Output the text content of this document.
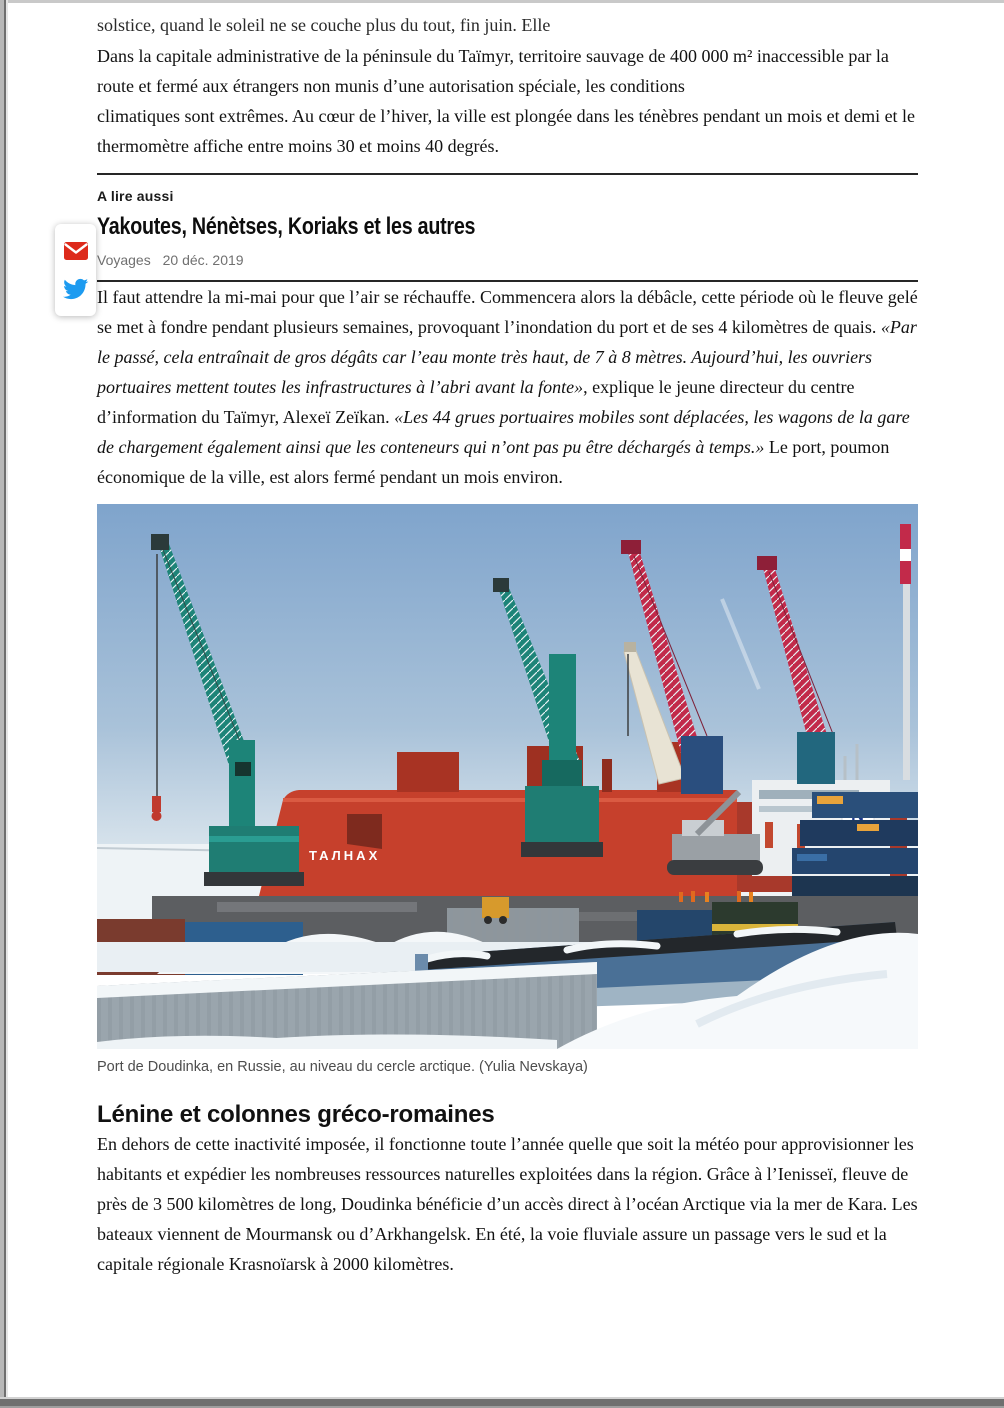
solstice, quand le soleil ne se couche plus du tout, fin juin. Elle

Dans la capitale administrative de la péninsule du Taïmyr, territoire sauvage de 400 000 m² inaccessible par la route et fermé aux étrangers non munis d’une autorisation spéciale, les conditions

climatiques sont extrêmes. Au cœur de l’hiver, la ville est plongée dans les ténèbres pendant un mois et demi et le thermomètre affiche entre moins 30 et moins 40 degrés.

A lire aussi
Yakoutes, Nénètses, Koriaks et les autres
Voyages 20 déc. 2019

Il faut attendre la mi-mai pour que l’air se réchauffe. Commencera alors la débâcle, cette période où le fleuve gelé se met à fondre pendant plusieurs semaines, provoquant l’inondation du port et de ses 4 kilomètres de quais. «Par le passé, cela entraînait de gros dégâts car l’eau monte très haut, de 7 à 8 mètres. Aujourd’hui, les ouvriers portuaires mettent toutes les infrastructures à l’abri avant la fonte», explique le jeune directeur du centre d’information du Taïmyr, Alexeï Zeïkan. «Les 44 grues portuaires mobiles sont déplacées, les wagons de la gare de chargement également ainsi que les conteneurs qui n’ont pas pu être déchargés à temps.» Le port, poumon économique de la ville, est alors fermé pendant un mois environ.

ТАЛНАХ
Port de Doudinka, en Russie, au niveau du cercle arctique. (Yulia Nevskaya)
Lénine et colonnes gréco-romaines

En dehors de cette inactivité imposée, il fonctionne toute l’année quelle que soit la météo pour approvisionner les habitants et expédier les nombreuses ressources naturelles exploitées dans la région. Grâce à l’Ienisseï, fleuve de près de 3 500 kilomètres de long, Doudinka bénéficie d’un accès direct à l’océan Arctique via la mer de Kara. Les bateaux viennent de Mourmansk ou d’Arkhangelsk. En été, la voie fluviale assure un passage vers le sud et la capitale régionale Krasnoïarsk à 2000 kilomètres.
